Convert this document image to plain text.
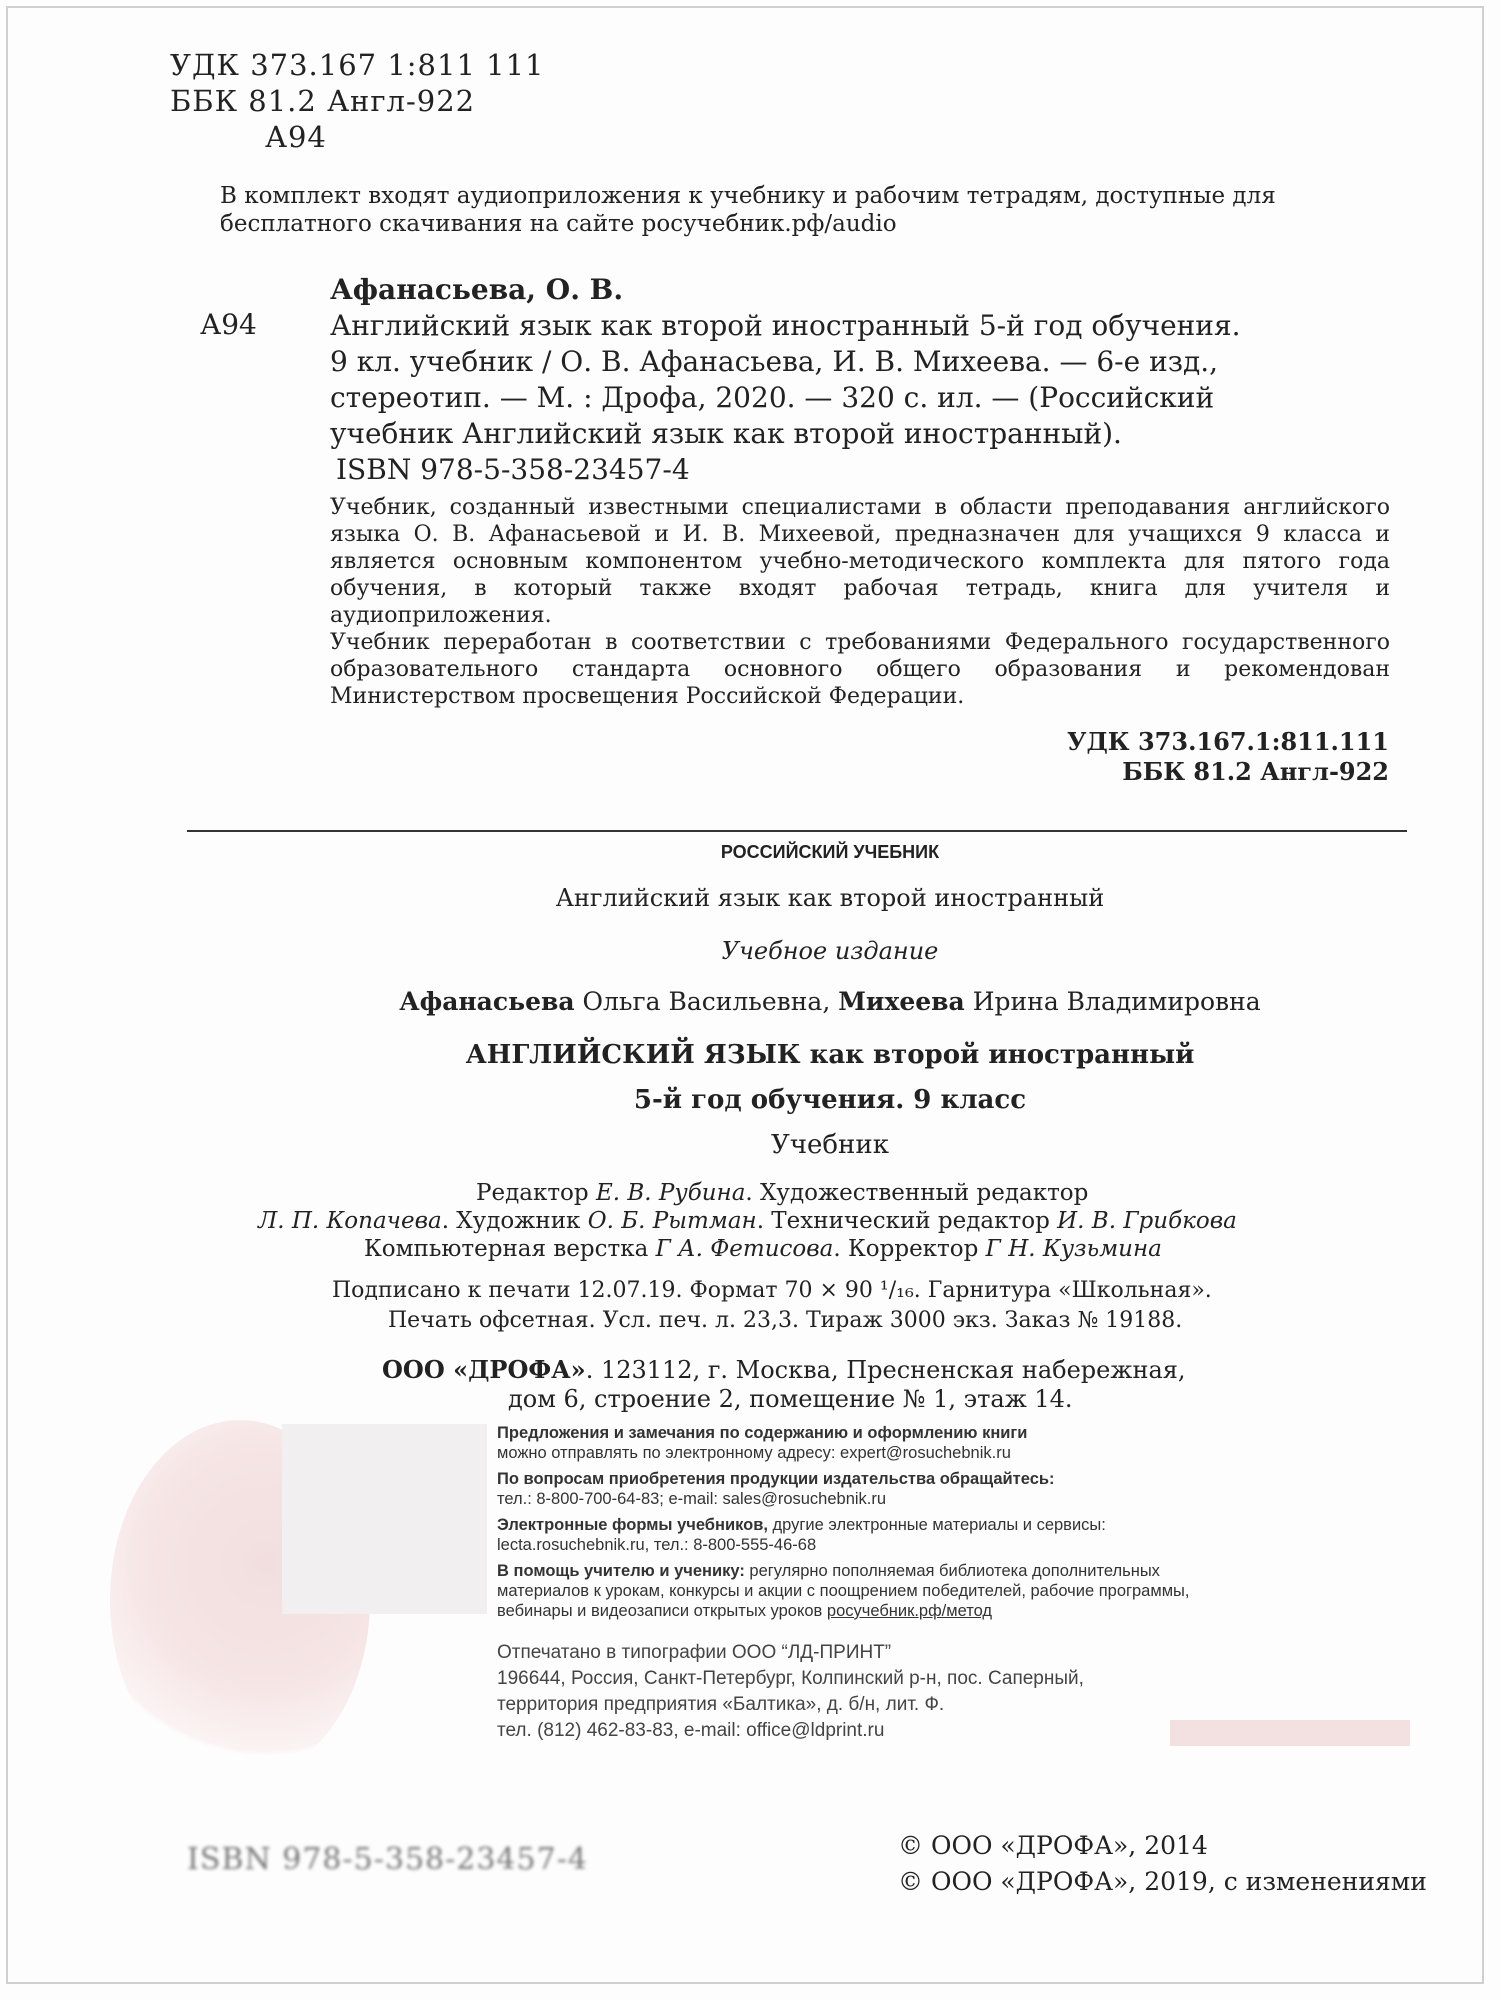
УДК 373.167 1:811 111
ББК 81.2 Англ-922
А94
В комплект входят аудиоприложения к учебнику и рабочим тетрадям, доступные для бесплатного скачивания на сайте росучебник.рф/audio
Афанасьева, О. В.
Английский язык как второй иностранный 5-й год обучения.
9 кл. учебник / О. В. Афанасьева, И. В. Михеева. — 6-е изд.,
стереотип. — М. : Дрофа, 2020. — 320 с. ил. — (Российский
учебник Английский язык как второй иностранный).
ISBN 978-5-358-23457-4
А94

Учебник, созданный известными специалистами в области преподавания английского языка О. В. Афанасьевой и И. В. Михеевой, предназначен для учащихся 9 класса и является основным компонентом учебно-методического комплекта для пятого года обучения, в который также входят рабочая тетрадь, книга для учителя и аудиоприложения.

Учебник переработан в соответствии с требованиями Федерального государственного образовательного стандарта основного общего образования и рекомендован Министерством просвещения Российской Федерации.

УДК 373.167.1:811.111
ББК 81.2 Англ-922
РОССИЙСКИЙ УЧЕБНИК
Английский язык как второй иностранный
Учебное издание
Афанасьева Ольга Васильевна, Михеева Ирина Владимировна
АНГЛИЙСКИЙ ЯЗЫК как второй иностранный
5-й год обучения. 9 класс
Учебник
Редактор Е. В. Рубина. Художественный редактор
Л. П. Копачева. Художник О. Б. Рытман. Технический редактор И. В. Грибкова
Компьютерная верстка Г А. Фетисова. Корректор Г Н. Кузьмина
Подписано к печати 12.07.19. Формат 70 × 90 ¹/₁₆. Гарнитура «Школьная».
Печать офсетная. Усл. печ. л. 23,3. Тираж 3000 экз. Заказ № 19188.
ООО «ДРОФА». 123112, г. Москва, Пресненская набережная,
дом 6, строение 2, помещение № 1, этаж 14.
Предложения и замечания по содержанию и оформлению книги
можно отправлять по электронному адресу: expert@rosuchebnik.ru
По вопросам приобретения продукции издательства обращайтесь:
тел.: 8-800-700-64-83; e-mail: sales@rosuchebnik.ru
Электронные формы учебников, другие электронные материалы и сервисы:
lecta.rosuchebnik.ru, тел.: 8-800-555-46-68
В помощь учителю и ученику: регулярно пополняемая библиотека дополнительных
материалов к урокам, конкурсы и акции с поощрением победителей, рабочие программы,
вебинары и видеозаписи открытых уроков росучебник.рф/метод
Отпечатано в типографии ООО “ЛД-ПРИНТ”
196644, Россия, Санкт-Петербург, Колпинский р-н, пос. Саперный,
территория предприятия «Балтика», д. б/н, лит. Ф.
тел. (812) 462-83-83, e-mail: office@ldprint.ru
ISBN 978-5-358-23457-4	© ООО «ДРОФА», 2014
© ООО «ДРОФА», 2019, с изменениями
